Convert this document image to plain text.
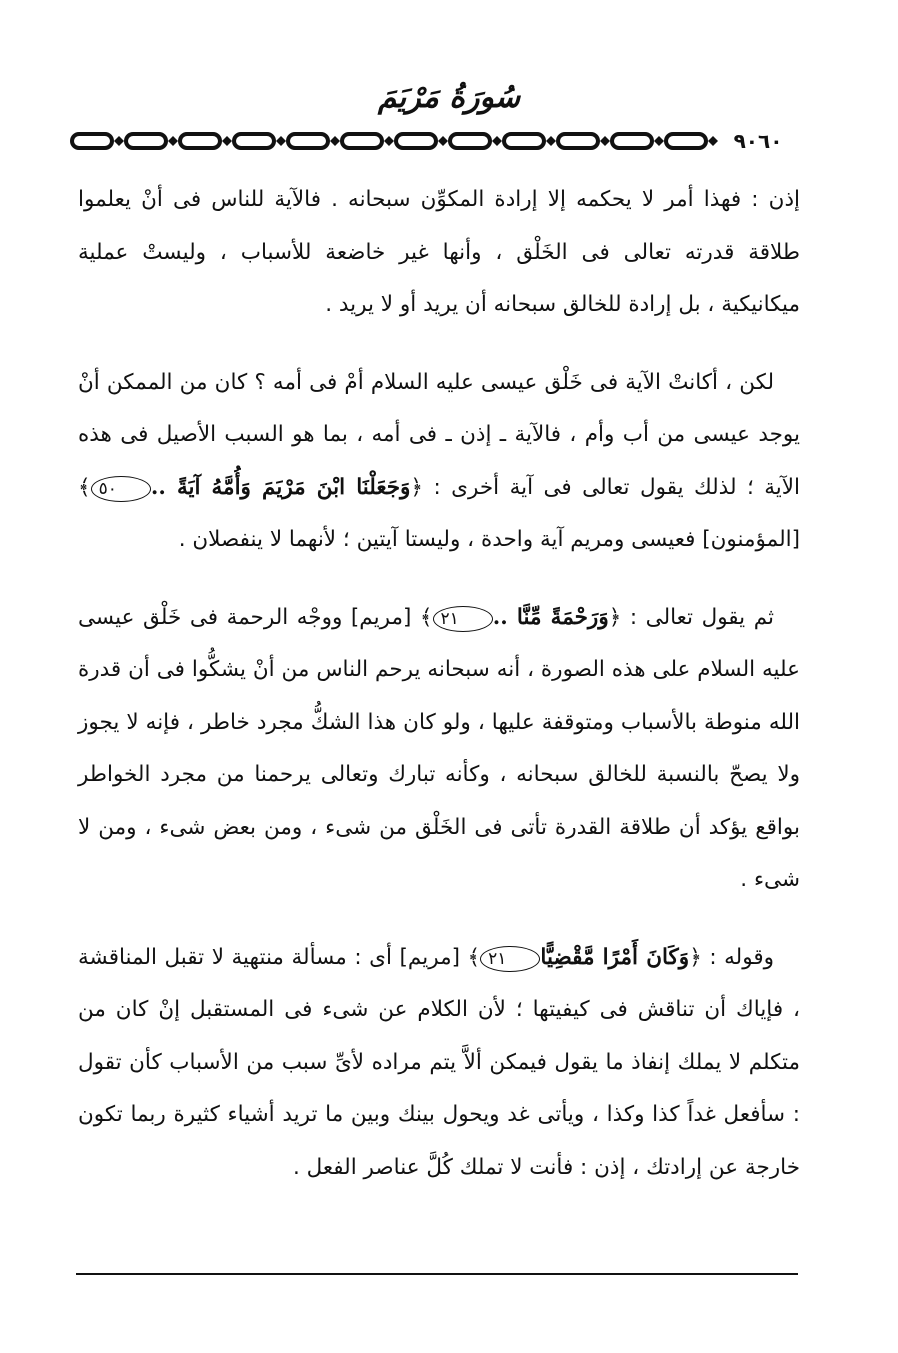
سُورَةُ مَرْيَمَ
٩٠٦٠

إذن : فهذا أمر لا يحكمه إلا إرادة المكوِّن سبحانه . فالآية للناس فى أنْ يعلموا طلاقة قدرته تعالى فى الخَلْق ، وأنها غير خاضعة للأسباب ، وليستْ عملية ميكانيكية ، بل إرادة للخالق سبحانه أن يريد أو لا يريد .

لكن ، أكانتْ الآية فى خَلْق عيسى عليه السلام أمْ فى أمه ؟ كان من الممكن أنْ يوجد عيسى من أب وأم ، فالآية ـ إذن ـ فى أمه ، بما هو السبب الأصيل فى هذه الآية ؛ لذلك يقول تعالى فى آية أخرى : ﴿وَجَعَلْنَا ابْنَ مَرْيَمَ وَأُمَّهُ آيَةً ..٥٠﴾ [المؤمنون] فعيسى ومريم آية واحدة ، وليستا آيتين ؛ لأنهما لا ينفصلان .

ثم يقول تعالى : ﴿وَرَحْمَةً مِّنَّا ..٢١﴾ [مريم] ووجْه الرحمة فى خَلْق عيسى عليه السلام على هذه الصورة ، أنه سبحانه يرحم الناس من أنْ يشكُّوا فى أن قدرة الله منوطة بالأسباب ومتوقفة عليها ، ولو كان هذا الشكُّ مجرد خاطر ، فإنه لا يجوز ولا يصحّ بالنسبة للخالق سبحانه ، وكأنه تبارك وتعالى يرحمنا من مجرد الخواطر بواقع يؤكد أن طلاقة القدرة تأتى فى الخَلْق من شىء ، ومن بعض شىء ، ومن لا شىء .

وقوله : ﴿وَكَانَ أَمْرًا مَّقْضِيًّا٢١﴾ [مريم] أى : مسألة منتهية لا تقبل المناقشة ، فإياك أن تناقش فى كيفيتها ؛ لأن الكلام عن شىء فى المستقبل إنْ كان من متكلم لا يملك إنفاذ ما يقول فيمكن ألاَّ يتم مراده لأىِّ سبب من الأسباب كأن تقول : سأفعل غداً كذا وكذا ، ويأتى غد ويحول بينك وبين ما تريد أشياء كثيرة ربما تكون خارجة عن إرادتك ، إذن : فأنت لا تملك كُلَّ عناصر الفعل .
